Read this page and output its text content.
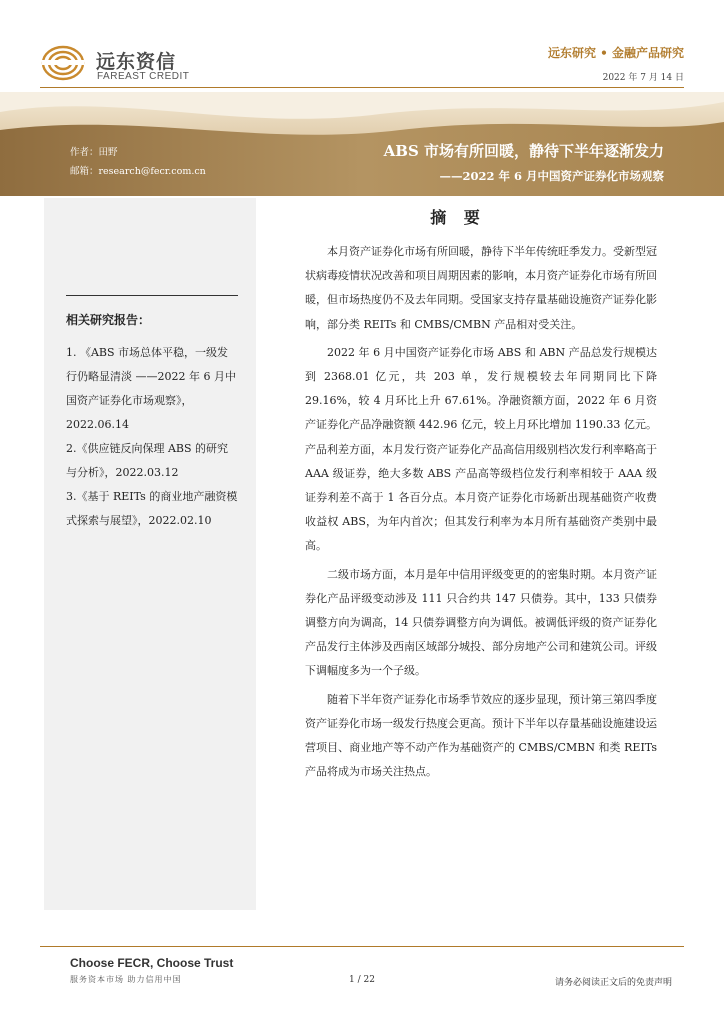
远东资信
FAREAST CREDIT
远东研究 • 金融产品研究
2022 年 7 月 14 日
作者：田野
邮箱：research@fecr.com.cn
ABS 市场有所回暖，静待下半年逐渐发力
——2022 年 6 月中国资产证券化市场观察
相关研究报告：

1. 《ABS 市场总体平稳，一级发行仍略显清淡 ——2022 年 6 月中国资产证券化市场观察》，2022.06.14

2.《供应链反向保理 ABS 的研究与分析》，2022.03.12

3.《基于 REITs 的商业地产融资模式探索与展望》，2022.02.10

摘 要

本月资产证券化市场有所回暖，静待下半年传统旺季发力。受新型冠状病毒疫情状况改善和项目周期因素的影响，本月资产证券化市场有所回暖，但市场热度仍不及去年同期。受国家支持存量基础设施资产证券化影响，部分类 REITs 和 CMBS/CMBN 产品相对受关注。

2022 年 6 月中国资产证券化市场 ABS 和 ABN 产品总发行规模达到 2368.01 亿元，共 203 单，发行规模较去年同期同比下降 29.16%，较 4 月环比上升 67.61%。净融资额方面，2022 年 6 月资产证券化产品净融资额 442.96 亿元，较上月环比增加 1190.33 亿元。产品利差方面，本月发行资产证券化产品高信用级别档次发行利率略高于 AAA 级证券，绝大多数 ABS 产品高等级档位发行利率相较于 AAA 级证券利差不高于 1 各百分点。本月资产证券化市场新出现基础资产收费收益权 ABS，为年内首次；但其发行利率为本月所有基础资产类别中最高。

二级市场方面，本月是年中信用评级变更的的密集时期。本月资产证券化产品评级变动涉及 111 只合约共 147 只债券。其中，133 只债券调整方向为调高，14 只债券调整方向为调低。被调低评级的资产证券化产品发行主体涉及西南区域部分城投、部分房地产公司和建筑公司。评级下调幅度多为一个子级。

随着下半年资产证券化市场季节效应的逐步显现，预计第三第四季度资产证券化市场一级发行热度会更高。预计下半年以存量基础设施建设运营项目、商业地产等不动产作为基础资产的 CMBS/CMBN 和类 REITs 产品将成为市场关注热点。

Choose FECR, Choose Trust
服务资本市场 助力信用中国	1 / 22	请务必阅读正文后的免责声明
